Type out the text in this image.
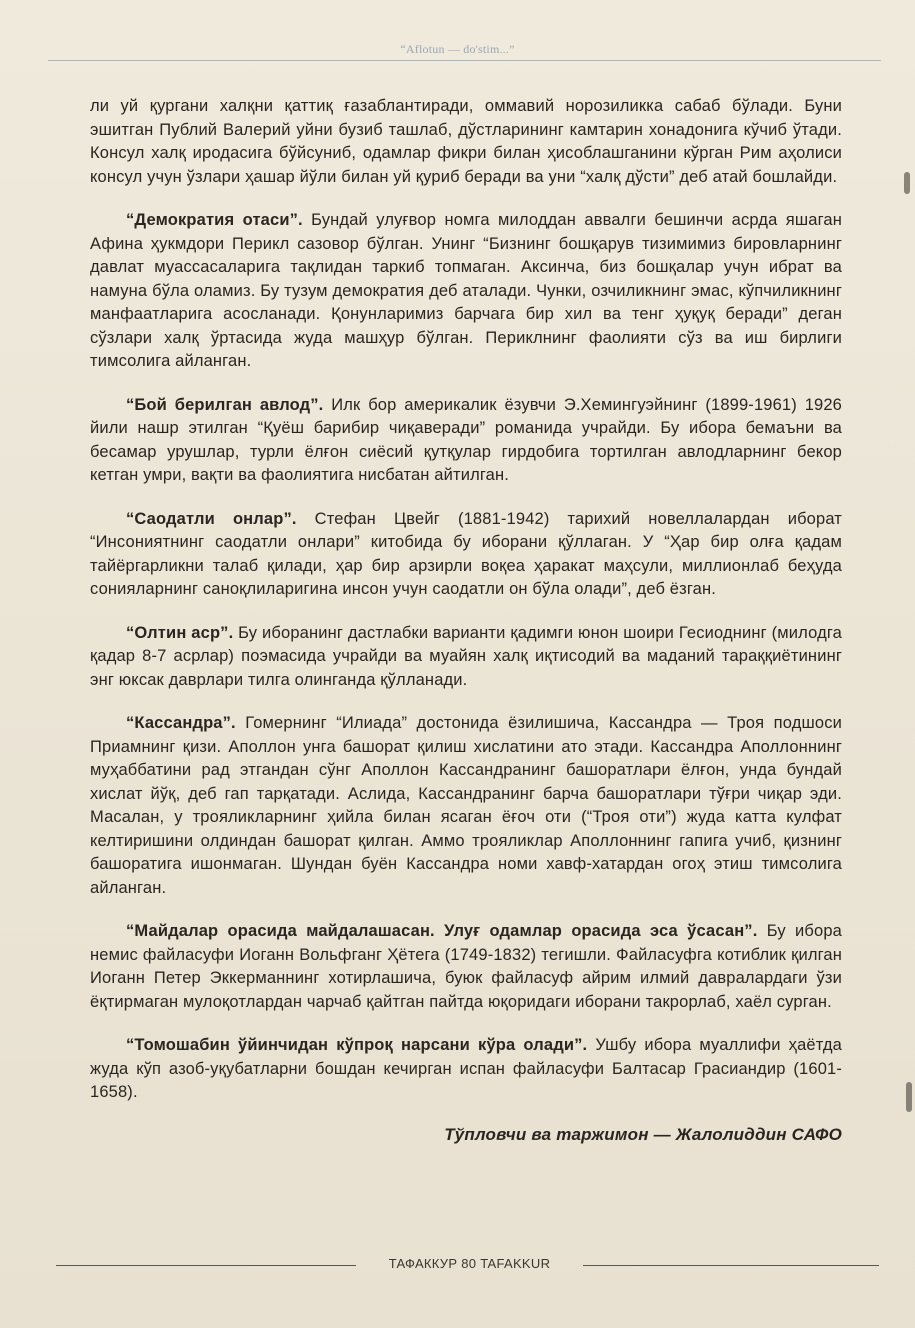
“Aflotun — do'stim...”

ли уй қургани халқни қаттиқ ғазаблантиради, оммавий норозиликка сабаб бўлади. Буни эшитган Публий Валерий уйни бузиб ташлаб, дўстларининг камтарин хонадонига кўчиб ўтади. Консул халқ иродасига бўйсуниб, одамлар фикри билан ҳисоблашганини кўрган Рим аҳолиси консул учун ўзлари ҳашар йўли билан уй қуриб беради ва уни “халқ дўсти” деб атай бошлайди.

“Демократия отаси”. Бундай улуғвор номга милоддан аввалги бешинчи асрда яшаган Афина ҳукмдори Перикл сазовор бўлган. Унинг “Бизнинг бошқарув тизимимиз бировларнинг давлат муассасаларига тақлидан таркиб топмаган. Аксинча, биз бошқалар учун ибрат ва намуна бўла оламиз. Бу тузум демократия деб аталади. Чунки, озчиликнинг эмас, кўпчиликнинг манфаатларига асосланади. Қонунларимиз барчага бир хил ва тенг ҳуқуқ беради” деган сўзлари халқ ўртасида жуда машҳур бўлган. Периклнинг фаолияти сўз ва иш бирлиги тимсолига айланган.

“Бой берилган авлод”. Илк бор америкалик ёзувчи Э.Хемингуэйнинг (1899-1961) 1926 йили нашр этилган “Қуёш барибир чиқаверади” романида учрайди. Бу ибора бемаъни ва бесамар урушлар, турли ёлғон сиёсий қутқулар гирдобига тортилган авлодларнинг бекор кетган умри, вақти ва фаолиятига нисбатан айтилган.

“Саодатли онлар”. Стефан Цвейг (1881-1942) тарихий новеллалардан иборат “Инсониятнинг саодатли онлари” китобида бу иборани қўллаган. У “Ҳар бир олға қадам тайёргарликни талаб қилади, ҳар бир арзирли воқеа ҳаракат маҳсули, миллионлаб беҳуда сонияларнинг саноқлиларигина инсон учун саодатли он бўла олади”, деб ёзган.

“Олтин аср”. Бу иборанинг дастлабки варианти қадимги юнон шоири Гесиоднинг (милодга қадар 8-7 асрлар) поэмасида учрайди ва муайян халқ иқтисодий ва маданий тараққиётининг энг юксак даврлари тилга олинганда қўлланади.

“Кассандра”. Гомернинг “Илиада” достонида ёзилишича, Кассандра — Троя подшоси Приамнинг қизи. Аполлон унга башорат қилиш хислатини ато этади. Кассандра Аполлоннинг муҳаббатини рад этгандан сўнг Аполлон Кассандранинг башоратлари ёлғон, унда бундай хислат йўқ, деб гап тарқатади. Аслида, Кассандранинг барча башоратлари тўғри чиқар эди. Масалан, у трояликларнинг ҳийла билан ясаган ёғоч оти (“Троя оти”) жуда катта кулфат келтиришини олдиндан башорат қилган. Аммо трояликлар Аполлоннинг гапига учиб, қизнинг башоратига ишонмаган. Шундан буён Кассандра номи хавф-хатардан огоҳ этиш тимсолига айланган.

“Майдалар орасида майдалашасан. Улуғ одамлар орасида эса ўсасан”. Бу ибора немис файласуфи Иоганн Вольфганг Ҳётега (1749-1832) тегишли. Файласуфга котиблик қилган Иоганн Петер Эккерманнинг хотирлашича, буюк файласуф айрим илмий давралардаги ўзи ёқтирмаган мулоқотлардан чарчаб қайтган пайтда юқоридаги иборани такрорлаб, хаёл сурган.

“Томошабин ўйинчидан кўпроқ нарсани кўра олади”. Ушбу ибора муаллифи ҳаётда жуда кўп азоб-уқубатларни бошдан кечирган испан файласуфи Балтасар Грасиандир (1601-1658).

Тўпловчи ва таржимон — Жалолиддин САФО
ТАФАККУР 80 TAFAKKUR
